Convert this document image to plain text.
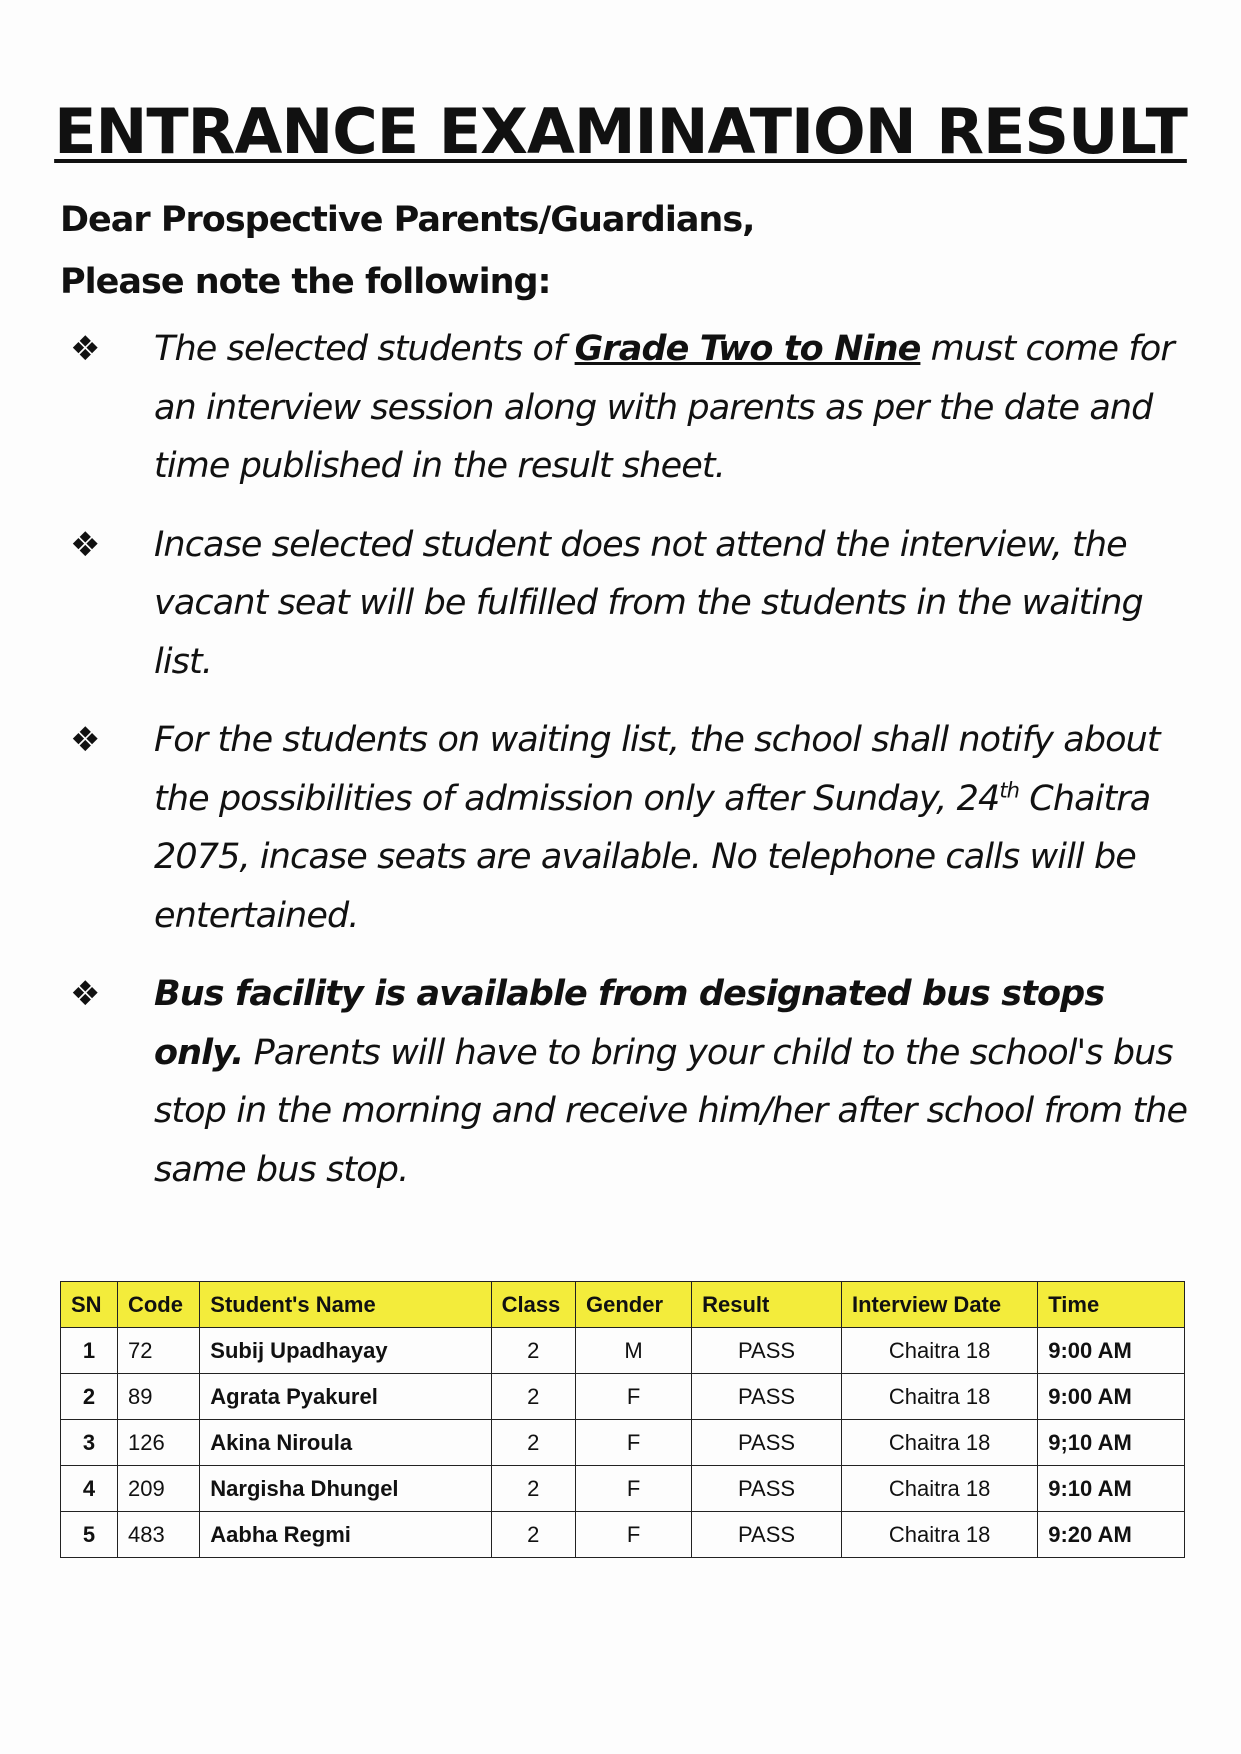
ENTRANCE EXAMINATION RESULT

Dear Prospective Parents/Guardians,

Please note the following:

❖ The selected students of Grade Two to Nine must come for an interview session along with parents as per the date and time published in the result sheet.
❖ Incase selected student does not attend the interview, the vacant seat will be fulfilled from the students in the waiting list.
❖ For the students on waiting list, the school shall notify about the possibilities of admission only after Sunday, 24th Chaitra 2075, incase seats are available. No telephone calls will be entertained.
❖ Bus facility is available from designated bus stops only. Parents will have to bring your child to the school's bus stop in the morning and receive him/her after school from the same bus stop.
SN	Code	Student's Name	Class	Gender	Result	Interview Date	Time
1	72	Subij Upadhayay	2	M	PASS	Chaitra 18	9:00 AM
2	89	Agrata Pyakurel	2	F	PASS	Chaitra 18	9:00 AM
3	126	Akina Niroula	2	F	PASS	Chaitra 18	9;10 AM
4	209	Nargisha Dhungel	2	F	PASS	Chaitra 18	9:10 AM
5	483	Aabha Regmi	2	F	PASS	Chaitra 18	9:20 AM
